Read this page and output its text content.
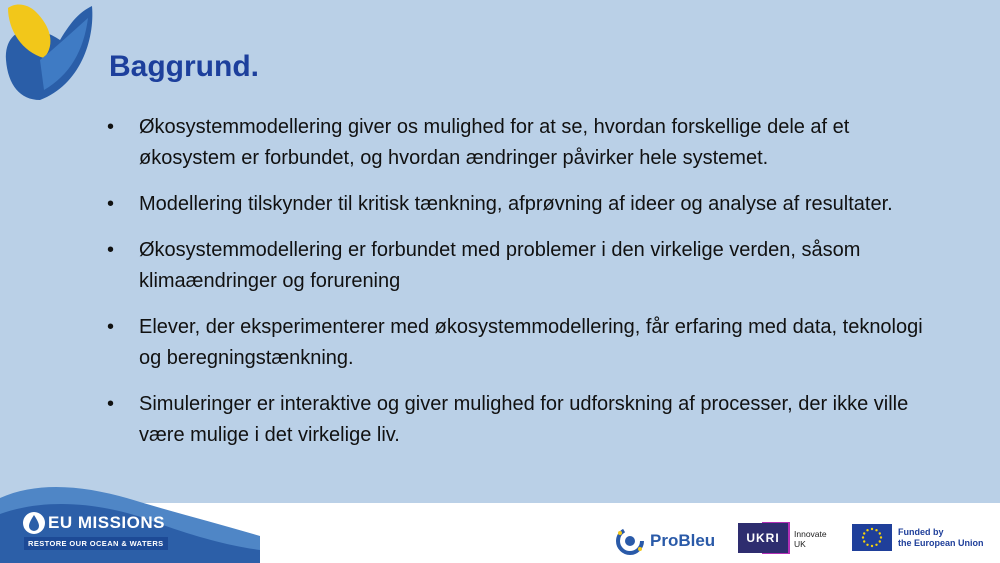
Baggrund.
• Økosystemmodellering giver os mulighed for at se, hvordan forskellige dele af et økosystem er forbundet, og hvordan ændringer påvirker hele systemet.
• Modellering tilskynder til kritisk tænkning, afprøvning af ideer og analyse af resultater.
• Økosystemmodellering er forbundet med problemer i den virkelige verden, såsom klimaændringer og forurening
• Elever, der eksperimenterer med økosystemmodellering, får erfaring med data, teknologi og beregningstænkning.
• Simuleringer er interaktive og giver mulighed for udforskning af processer, der ikke ville være mulige i det virkelige liv.
EU MISSIONS
RESTORE OUR OCEAN & WATERS	ProBleu	UKRI	Innovate
UK
Funded by
the European Union
